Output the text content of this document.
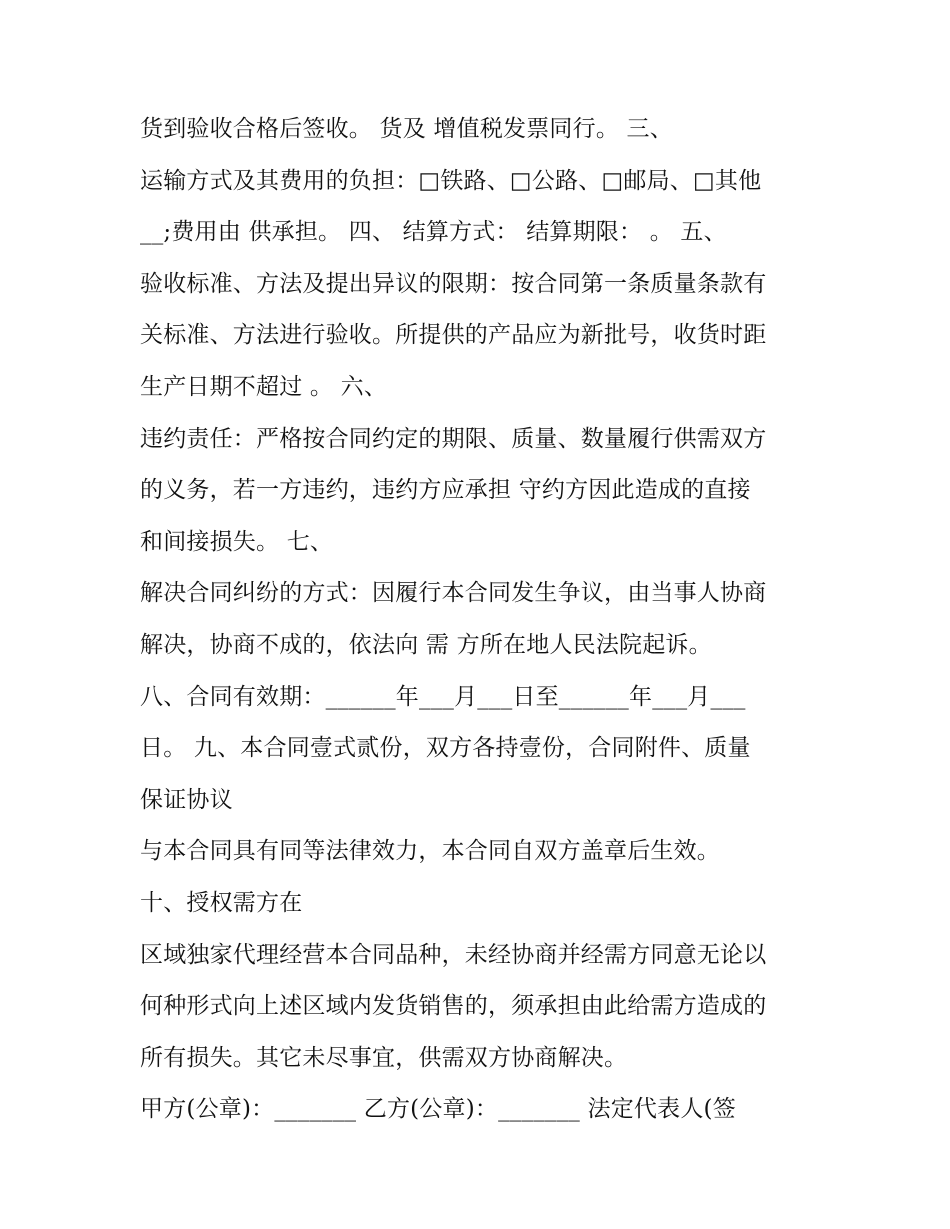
货到验收合格后签收。 货及 增值税发票同行。 三、
运输方式及其费用的负担：□铁路、□公路、□邮局、□其他
__;费用由 供承担。 四、 结算方式： 结算期限： 。 五、
验收标准、方法及提出异议的限期：按合同第一条质量条款有
关标准、方法进行验收。所提供的产品应为新批号，收货时距
生产日期不超过 。 六、
违约责任：严格按合同约定的期限、质量、数量履行供需双方
的义务，若一方违约，违约方应承担 守约方因此造成的直接
和间接损失。 七、
解决合同纠纷的方式：因履行本合同发生争议，由当事人协商
解决，协商不成的，依法向 需 方所在地人民法院起诉。
八、合同有效期：______年___月___日至______年___月___
日。 九、本合同壹式贰份，双方各持壹份，合同附件、质量
保证协议
与本合同具有同等法律效力，本合同自双方盖章后生效。
十、授权需方在
区域独家代理经营本合同品种，未经协商并经需方同意无论以
何种形式向上述区域内发货销售的，须承担由此给需方造成的
所有损失。其它未尽事宜，供需双方协商解决。
甲方(公章)：_______ 乙方(公章)：_______ 法定代表人(签
